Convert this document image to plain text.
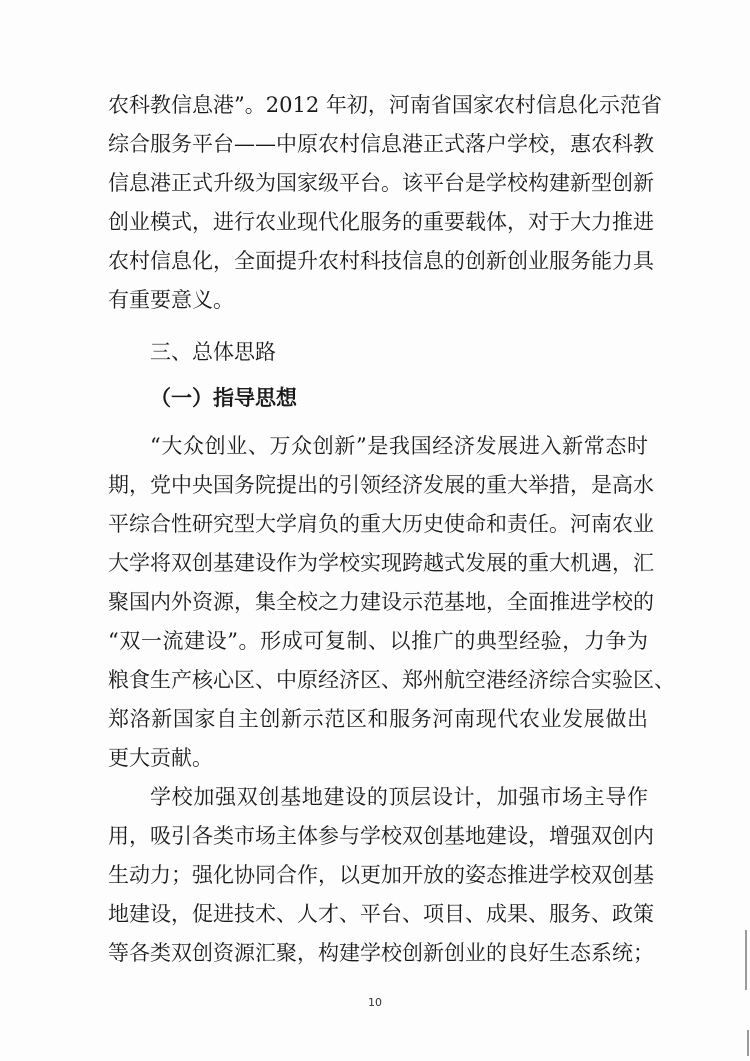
农科教信息港”。2012 年初，河南省国家农村信息化示范省
综合服务平台——中原农村信息港正式落户学校，惠农科教
信息港正式升级为国家级平台。该平台是学校构建新型创新
创业模式，进行农业现代化服务的重要载体，对于大力推进
农村信息化，全面提升农村科技信息的创新创业服务能力具
有重要意义。
三、总体思路
（一）指导思想
“大众创业、万众创新”是我国经济发展进入新常态时
期，党中央国务院提出的引领经济发展的重大举措，是高水
平综合性研究型大学肩负的重大历史使命和责任。河南农业
大学将双创基建设作为学校实现跨越式发展的重大机遇，汇
聚国内外资源，集全校之力建设示范基地，全面推进学校的
“双一流建设”。形成可复制、以推广的典型经验，力争为
粮食生产核心区、中原经济区、郑州航空港经济综合实验区、
郑洛新国家自主创新示范区和服务河南现代农业发展做出
更大贡献。
学校加强双创基地建设的顶层设计，加强市场主导作
用，吸引各类市场主体参与学校双创基地建设，增强双创内
生动力；强化协同合作，以更加开放的姿态推进学校双创基
地建设，促进技术、人才、平台、项目、成果、服务、政策
等各类双创资源汇聚，构建学校创新创业的良好生态系统；
10
